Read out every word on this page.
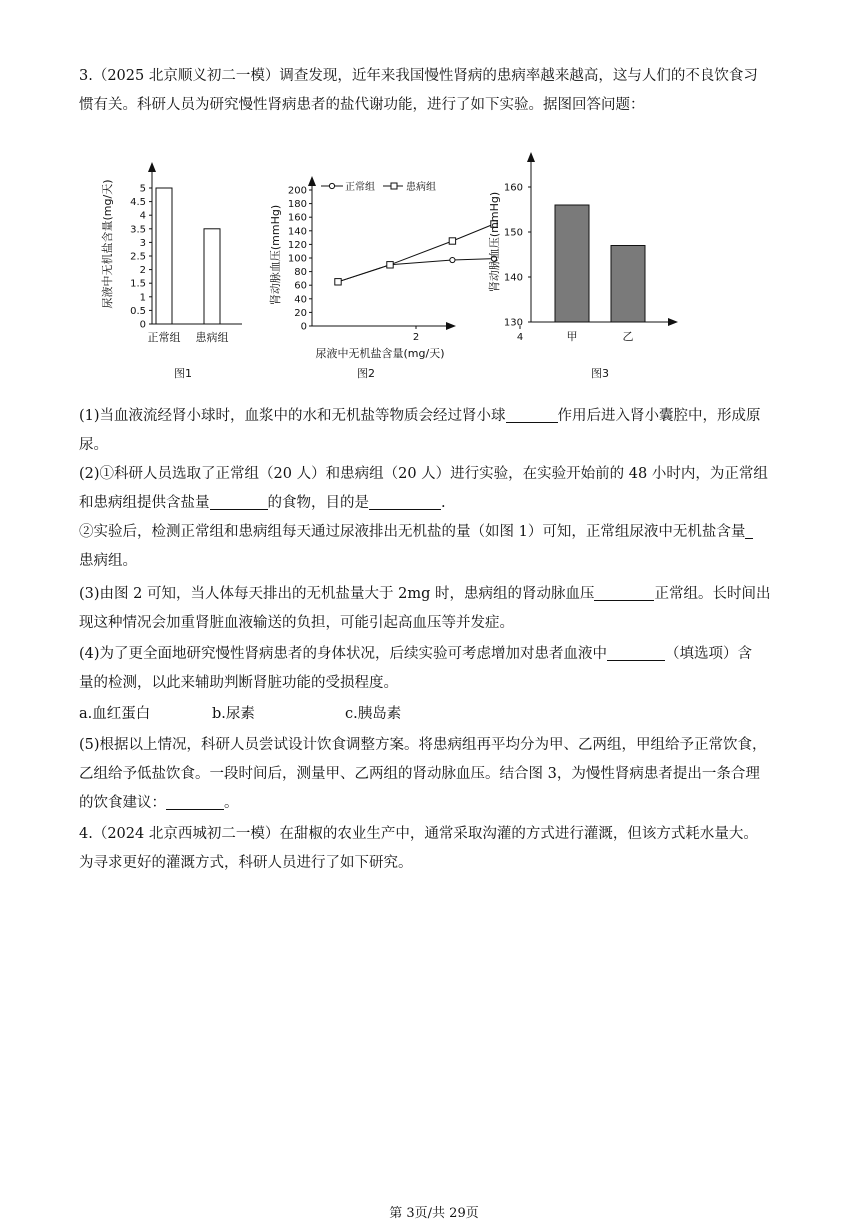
3.（2025 北京顺义初二一模）调查发现，近年来我国慢性肾病的患病率越来越高，这与人们的不良饮食习
惯有关。科研人员为研究慢性肾病患者的盐代谢功能，进行了如下实验。据图回答问题：

0
0.5
1
1.5
2
2.5
3
3.5
4
4.5
5
正常组 患病组
尿液中无机盐含量(mg/天)
图1
0
20
40
60
80
100
120
140
160
180
200
2	4
正常组	患病组
肾动脉血压(mmHg)
尿液中无机盐含量(mg/天)
图2
130
140
150
160
甲	乙
肾动脉血压(mmHg)
图3

(1)当血液流经肾小球时，血浆中的水和无机盐等物质会经过肾小球	作用后进入肾小囊腔中，形成原
尿。

(2)①科研人员选取了正常组（20 人）和患病组（20 人）进行实验，在实验开始前的 48 小时内，为正常组
和患病组提供含盐量	的食物，目的是	.
②实验后，检测正常组和患病组每天通过尿液排出无机盐的量（如图 1）可知，正常组尿液中无机盐含量
患病组。

(3)由图 2 可知，当人体每天排出的无机盐量大于 2mg 时，患病组的肾动脉血压	正常组。长时间出
现这种情况会加重肾脏血液输送的负担，可能引起高血压等并发症。

(4)为了更全面地研究慢性肾病患者的身体状况，后续实验可考虑增加对患者血液中	（填选项）含
量的检测，以此来辅助判断肾脏功能的受损程度。

a.血红蛋白	b.尿素	c.胰岛素

(5)根据以上情况，科研人员尝试设计饮食调整方案。将患病组再平均分为甲、乙两组，甲组给予正常饮食，
乙组给予低盐饮食。一段时间后，测量甲、乙两组的肾动脉血压。结合图 3，为慢性肾病患者提出一条合理
的饮食建议：	。

4.（2024 北京西城初二一模）在甜椒的农业生产中，通常采取沟灌的方式进行灌溉，但该方式耗水量大。
为寻求更好的灌溉方式，科研人员进行了如下研究。

第 3页/共 29页
